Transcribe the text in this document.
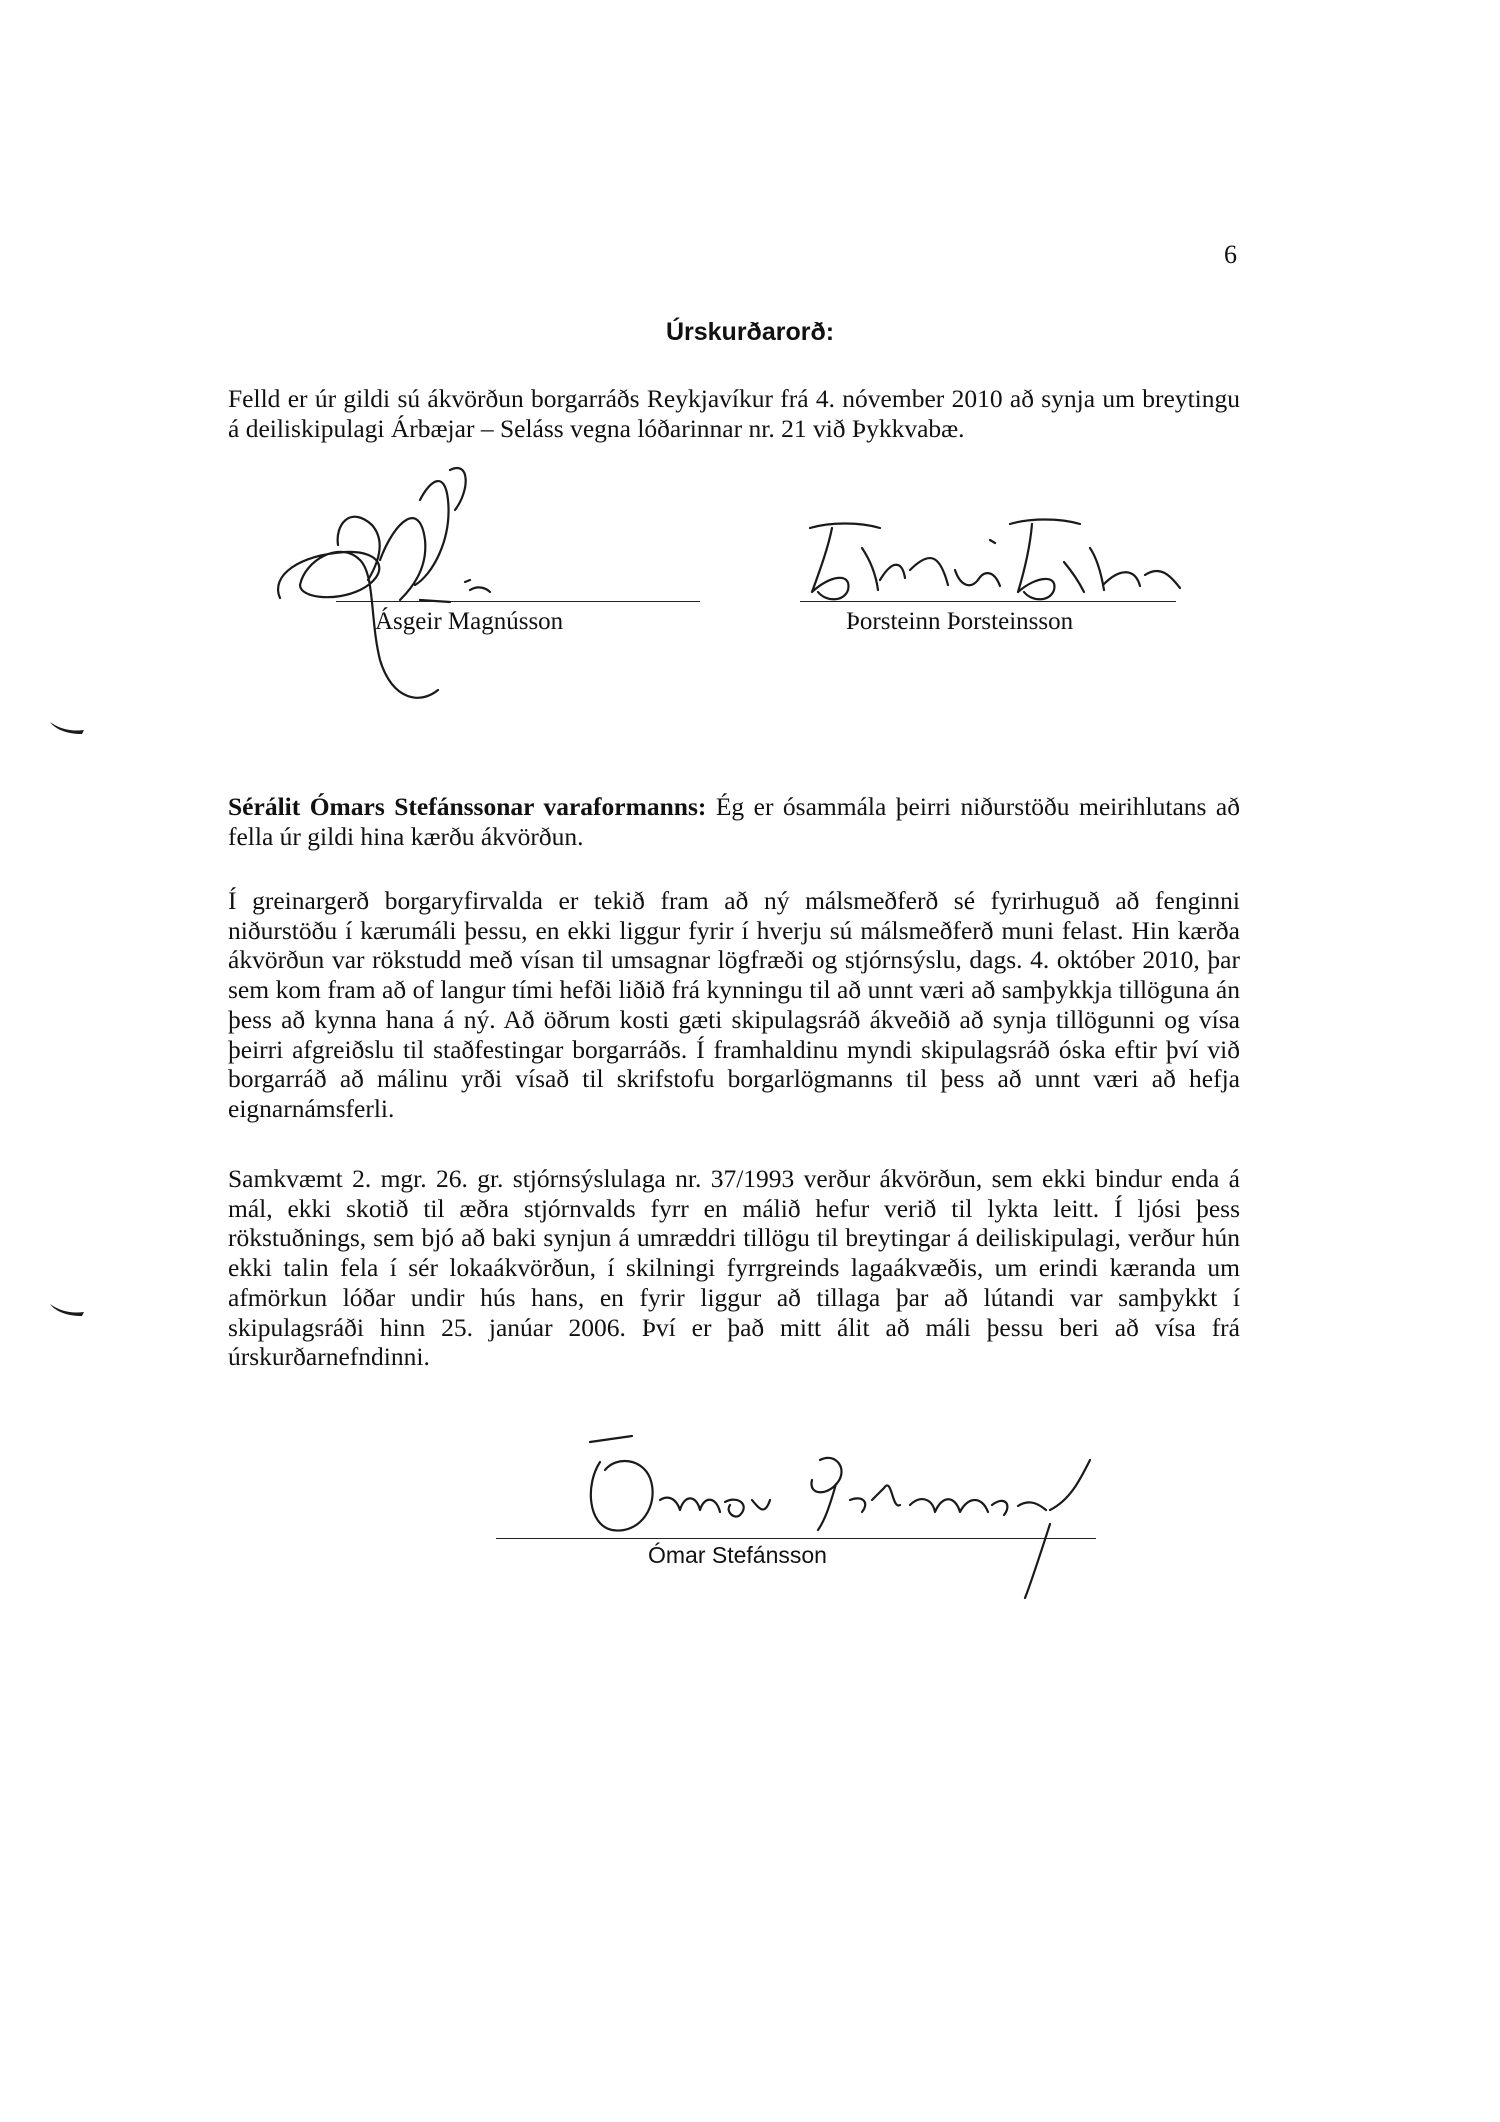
6
Úrskurðarorð:

Felld er úr gildi sú ákvörðun borgarráðs Reykjavíkur frá 4. nóvember 2010 að synja um breytingu á deiliskipulagi Árbæjar – Seláss vegna lóðarinnar nr. 21 við Þykkvabæ.

Ásgeir Magnússon	Þorsteinn Þorsteinsson

Sérálit Ómars Stefánssonar varaformanns: Ég er ósammála þeirri niðurstöðu meirihlutans að fella úr gildi hina kærðu ákvörðun.

Í greinargerð borgaryfirvalda er tekið fram að ný málsmeðferð sé fyrirhuguð að fenginni niðurstöðu í kærumáli þessu, en ekki liggur fyrir í hverju sú málsmeðferð muni felast. Hin kærða ákvörðun var rökstudd með vísan til umsagnar lögfræði og stjórnsýslu, dags. 4. október 2010, þar sem kom fram að of langur tími hefði liðið frá kynningu til að unnt væri að samþykkja tillöguna án þess að kynna hana á ný. Að öðrum kosti gæti skipulagsráð ákveðið að synja tillögunni og vísa þeirri afgreiðslu til staðfestingar borgarráðs. Í framhaldinu myndi skipulagsráð óska eftir því við borgarráð að málinu yrði vísað til skrifstofu borgarlögmanns til þess að unnt væri að hefja eignarnámsferli.

Samkvæmt 2. mgr. 26. gr. stjórnsýslulaga nr. 37/1993 verður ákvörðun, sem ekki bindur enda á mál, ekki skotið til æðra stjórnvalds fyrr en málið hefur verið til lykta leitt. Í ljósi þess rökstuðnings, sem bjó að baki synjun á umræddri tillögu til breytingar á deiliskipulagi, verður hún ekki talin fela í sér lokaákvörðun, í skilningi fyrrgreinds lagaákvæðis, um erindi kæranda um afmörkun lóðar undir hús hans, en fyrir liggur að tillaga þar að lútandi var samþykkt í skipulagsráði hinn 25. janúar 2006. Því er það mitt álit að máli þessu beri að vísa frá úrskurðarnefndinni.

Ómar Stefánsson
